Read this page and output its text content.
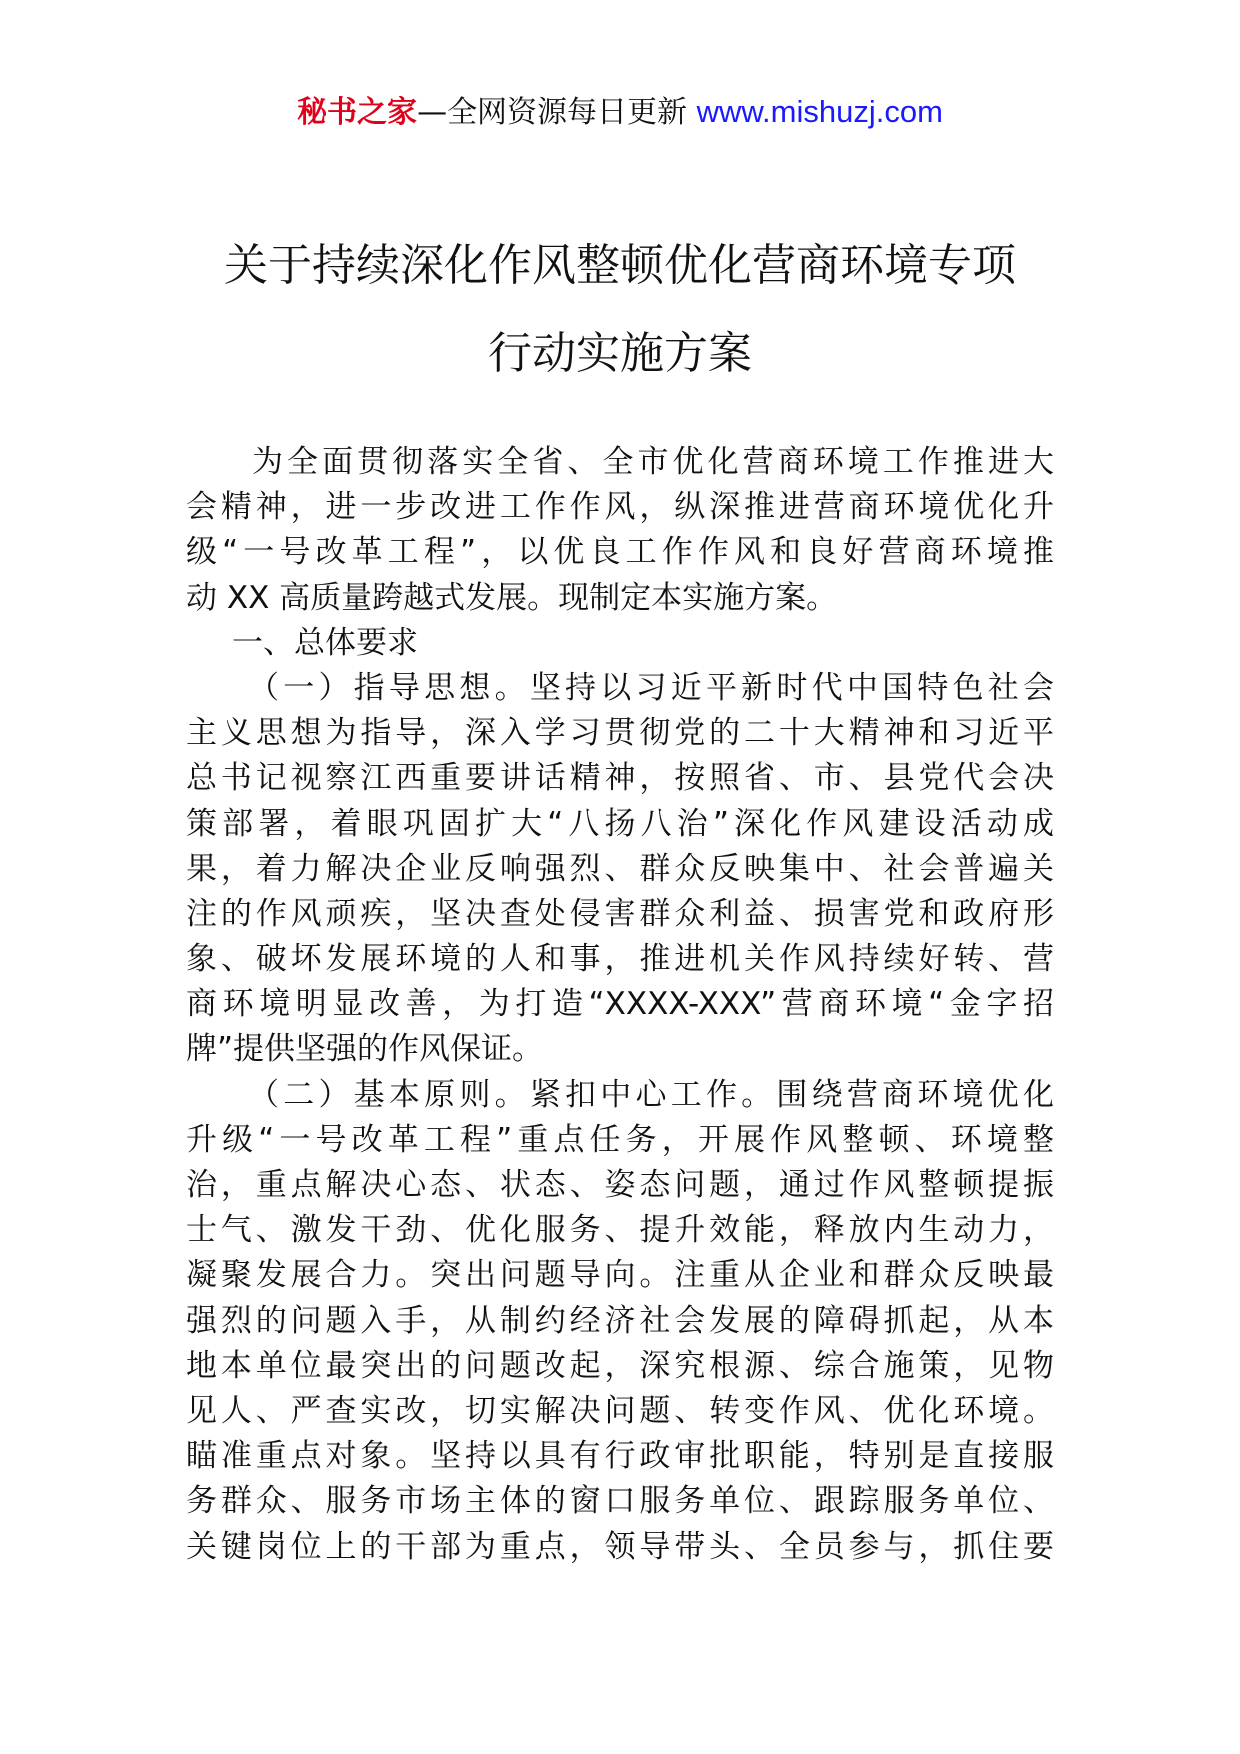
秘书之家—全网资源每日更新 www.mishuzj.com
关于持续深化作风整顿优化营商环境专项
行动实施方案
为全面贯彻落实全省、全市优化营商环境工作推进大
会精神，进一步改进工作作风，纵深推进营商环境优化升
级“一号改革工程”，以优良工作作风和良好营商环境推
动 XX 高质量跨越式发展。现制定本实施方案。
一、总体要求
（一）指导思想。坚持以习近平新时代中国特色社会
主义思想为指导，深入学习贯彻党的二十大精神和习近平
总书记视察江西重要讲话精神，按照省、市、县党代会决
策部署，着眼巩固扩大“八扬八治”深化作风建设活动成
果，着力解决企业反响强烈、群众反映集中、社会普遍关
注的作风顽疾，坚决查处侵害群众利益、损害党和政府形
象、破坏发展环境的人和事，推进机关作风持续好转、营
商环境明显改善，为打造“XXXX-XXX”营商环境“金字招
牌”提供坚强的作风保证。
（二）基本原则。紧扣中心工作。围绕营商环境优化
升级“一号改革工程”重点任务，开展作风整顿、环境整
治，重点解决心态、状态、姿态问题，通过作风整顿提振
士气、激发干劲、优化服务、提升效能，释放内生动力，
凝聚发展合力。突出问题导向。注重从企业和群众反映最
强烈的问题入手，从制约经济社会发展的障碍抓起，从本
地本单位最突出的问题改起，深究根源、综合施策，见物
见人、严查实改，切实解决问题、转变作风、优化环境。
瞄准重点对象。坚持以具有行政审批职能，特别是直接服
务群众、服务市场主体的窗口服务单位、跟踪服务单位、
关键岗位上的干部为重点，领导带头、全员参与，抓住要
